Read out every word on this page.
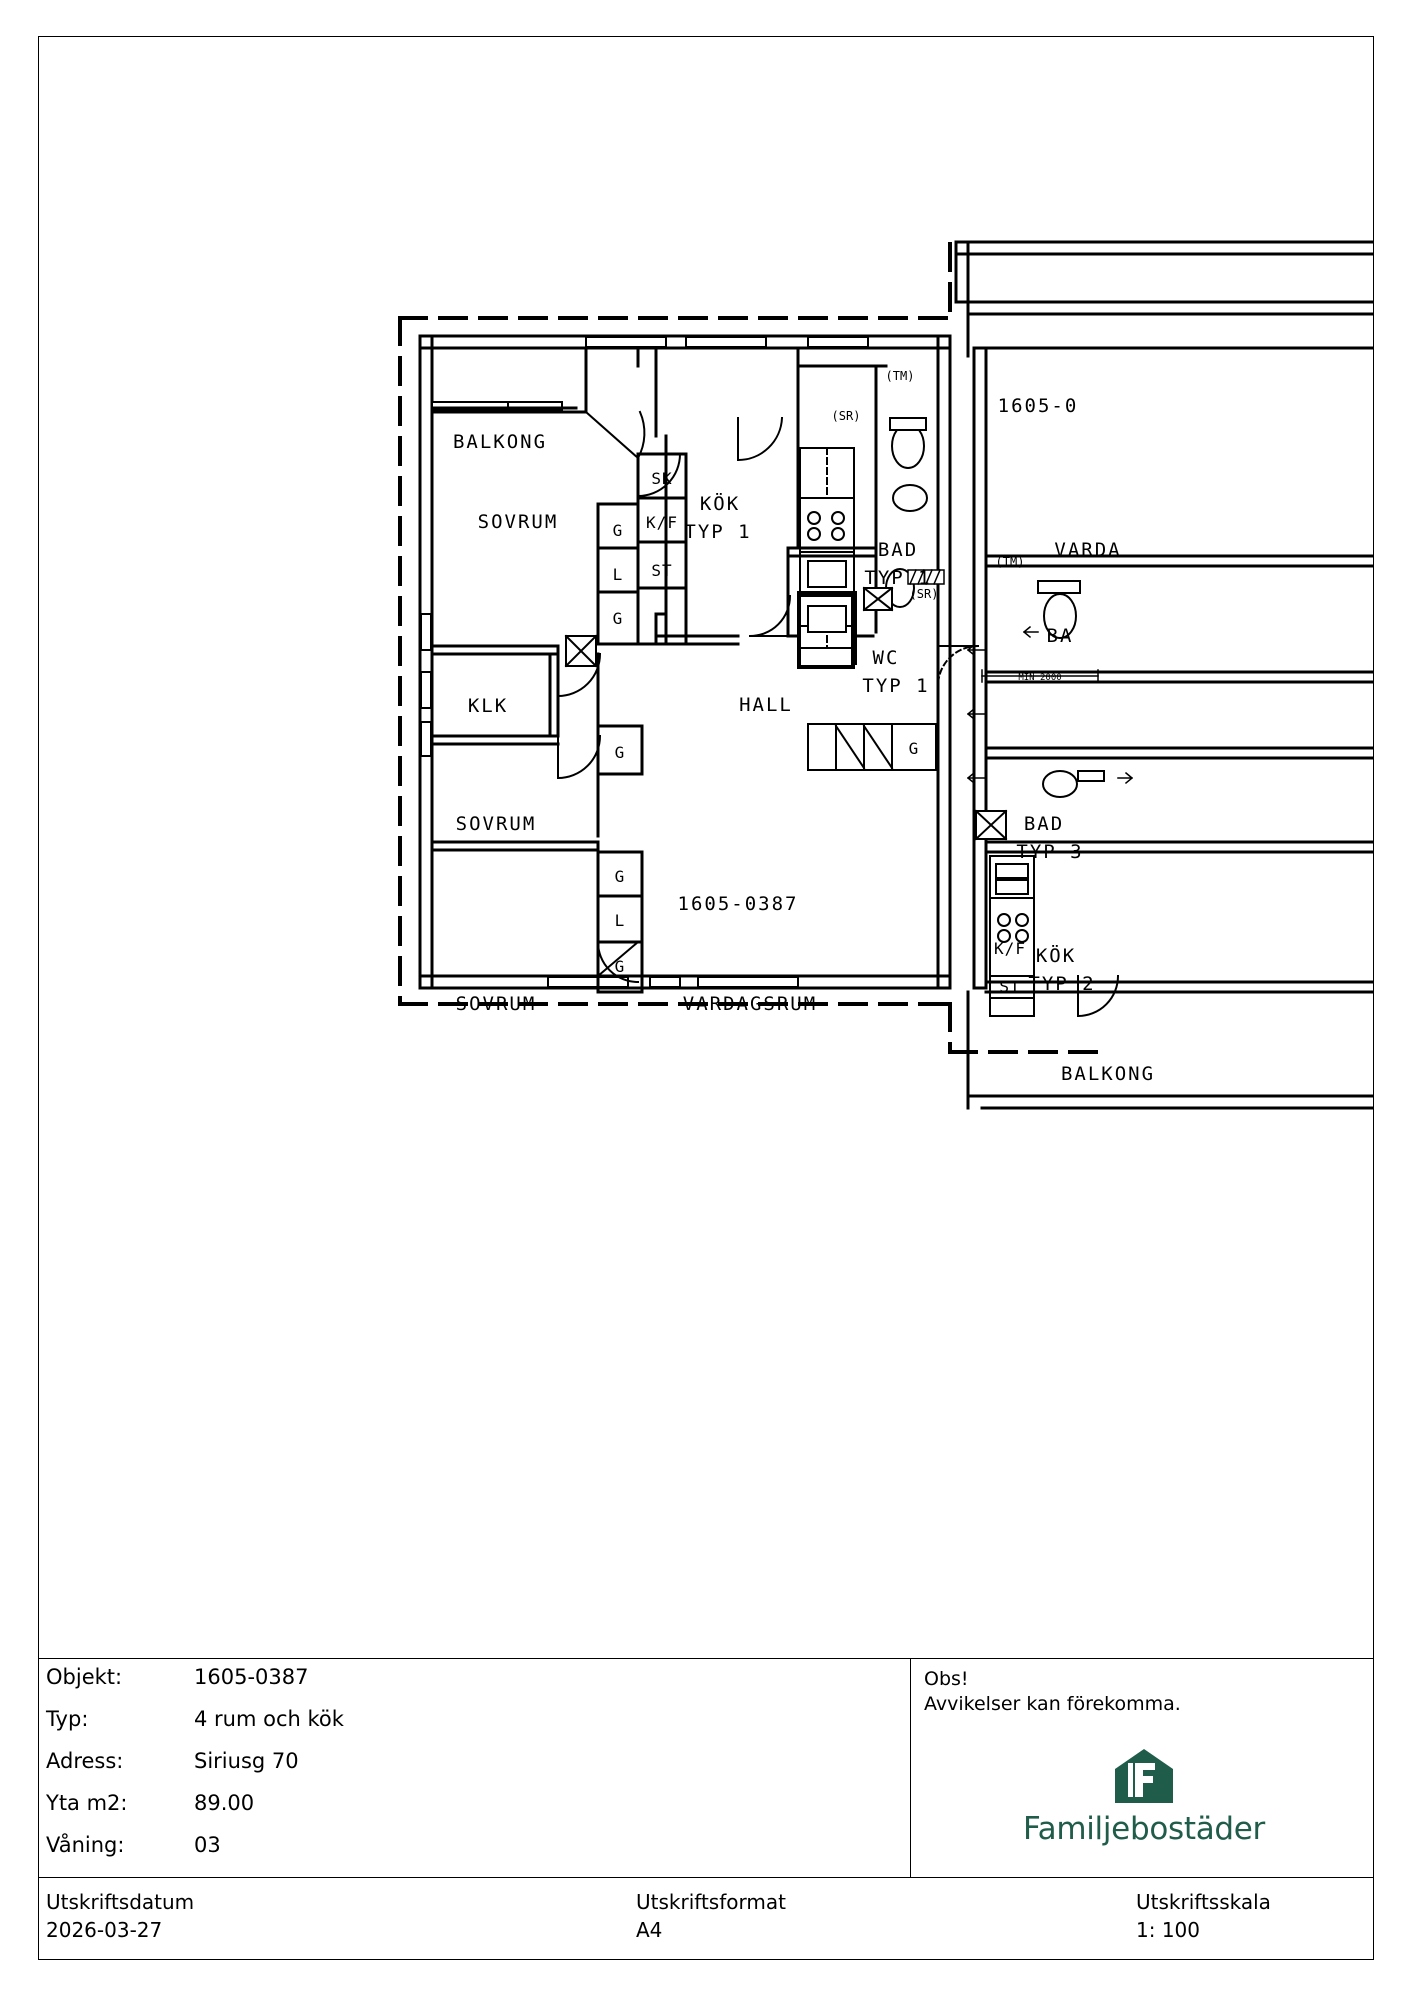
BALKONG
SOVRUM
KÖK
TYP 1
BAD
TYP 1
VARDA
BA
WC
TYP 1
KLK	HALL
SOVRUM
SOVRUM	VARDAGSRUM
BAD
TYP 3
KÖK
TYP 2
BALKONG
1605-0387
1605-0
SK
K/F
ST
G
L
G
G
G
L
G
G
K/F
ST
(TM)
(TM)
(SR)
(SR)
MIN 2000
Objekt:	1605-0387
Typ:	4 rum och kök
Adress:	Siriusg 70
Yta m2:	89.00
Våning:	03
Obs!
Avvikelser kan förekomma.
Familjebostäder
Utskriftsdatum
2026-03-27
Utskriftsformat
A4
Utskriftsskala
1: 100
